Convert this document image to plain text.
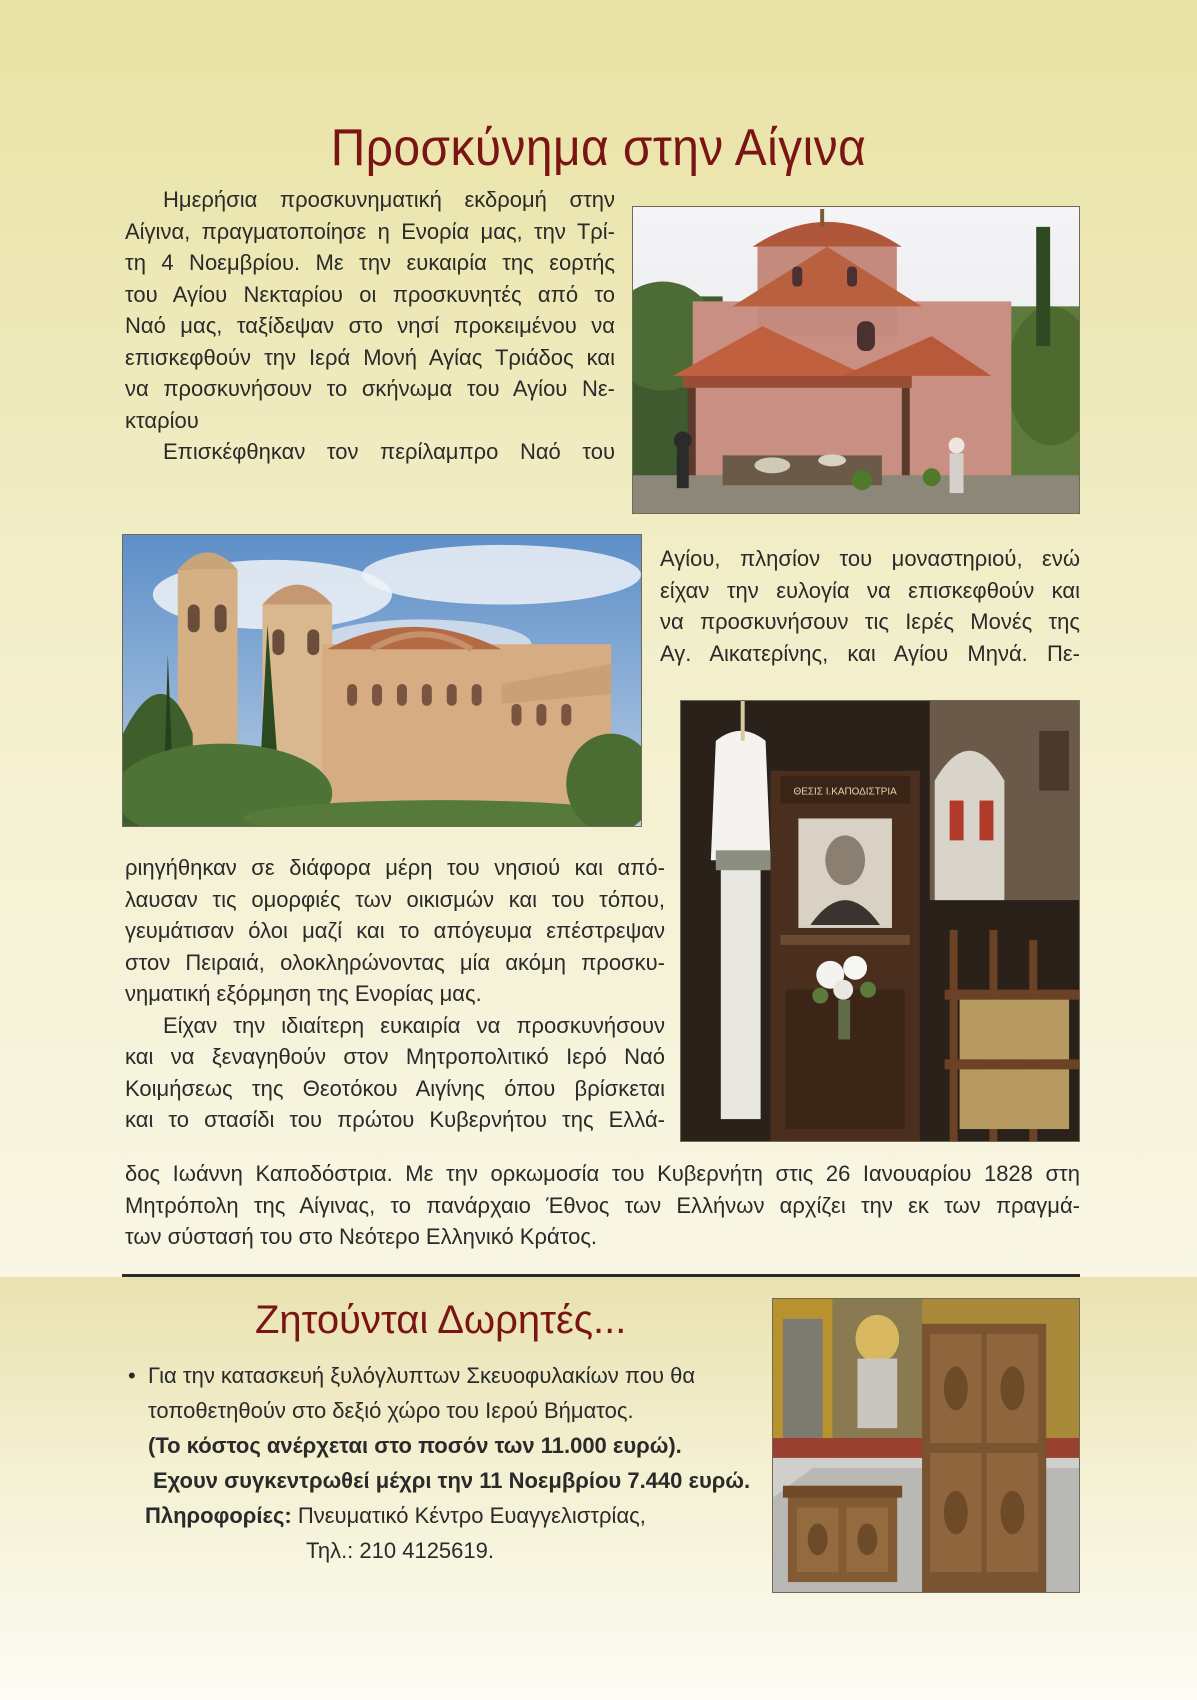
Προσκύνημα στην Αίγινα
Ημερήσια προσκυνηματική εκδρομή στην
Αίγινα, πραγματοποίησε η Ενορία μας, την Τρί-
τη 4 Νοεμβρίου. Με την ευκαιρία της εορτής
του Αγίου Νεκταρίου οι προσκυνητές από το
Ναό μας, ταξίδεψαν στο νησί προκειμένου να
επισκεφθούν την Ιερά Μονή Αγίας Τριάδος και
να προσκυνήσουν το σκήνωμα του Αγίου Νε-
κταρίου
Επισκέφθηκαν τον περίλαμπρο Ναό του
Αγίου, πλησίον του μοναστηριού, ενώ
είχαν την ευλογία να επισκεφθούν και
να προσκυνήσουν τις Ιερές Μονές της
Αγ. Αικατερίνης, και Αγίου Μηνά. Πε-
ΘΕΣΙΣ Ι.ΚΑΠΟΔΙΣΤΡΙΑ
ριηγήθηκαν σε διάφορα μέρη του νησιού και από-
λαυσαν τις ομορφιές των οικισμών και του τόπου,
γευμάτισαν όλοι μαζί και το απόγευμα επέστρεψαν
στον Πειραιά, ολοκληρώνοντας μία ακόμη προσκυ-
νηματική εξόρμηση της Ενορίας μας.
Είχαν την ιδιαίτερη ευκαιρία να προσκυνήσουν
και να ξεναγηθούν στον Μητροπολιτικό Ιερό Ναό
Κοιμήσεως της Θεοτόκου Αιγίνης όπου βρίσκεται
και το στασίδι του πρώτου Κυβερνήτου της Ελλά-
δος Ιωάννη Καποδόστρια. Με την ορκωμοσία του Κυβερνήτη στις 26 Ιανουαρίου 1828 στη
Μητρόπολη της Αίγινας, το πανάρχαιο Έθνος των Ελλήνων αρχίζει την εκ των πραγμά-
των σύστασή του στο Νεότερο Ελληνικό Κράτος.
Ζητούνται Δωρητές...
• Για την κατασκευή ξυλόγλυπτων Σκευοφυλακίων που θα
τοποθετηθούν στο δεξιό χώρο του Ιερού Βήματος.
(Το κόστος ανέρχεται στο ποσόν των 11.000 ευρώ).
Εχουν συγκεντρωθεί μέχρι την 11 Νοεμβρίου 7.440 ευρώ.
Πληροφορίες: Πνευματικό Κέντρο Ευαγγελιστρίας,
Τηλ.: 210 4125619.
